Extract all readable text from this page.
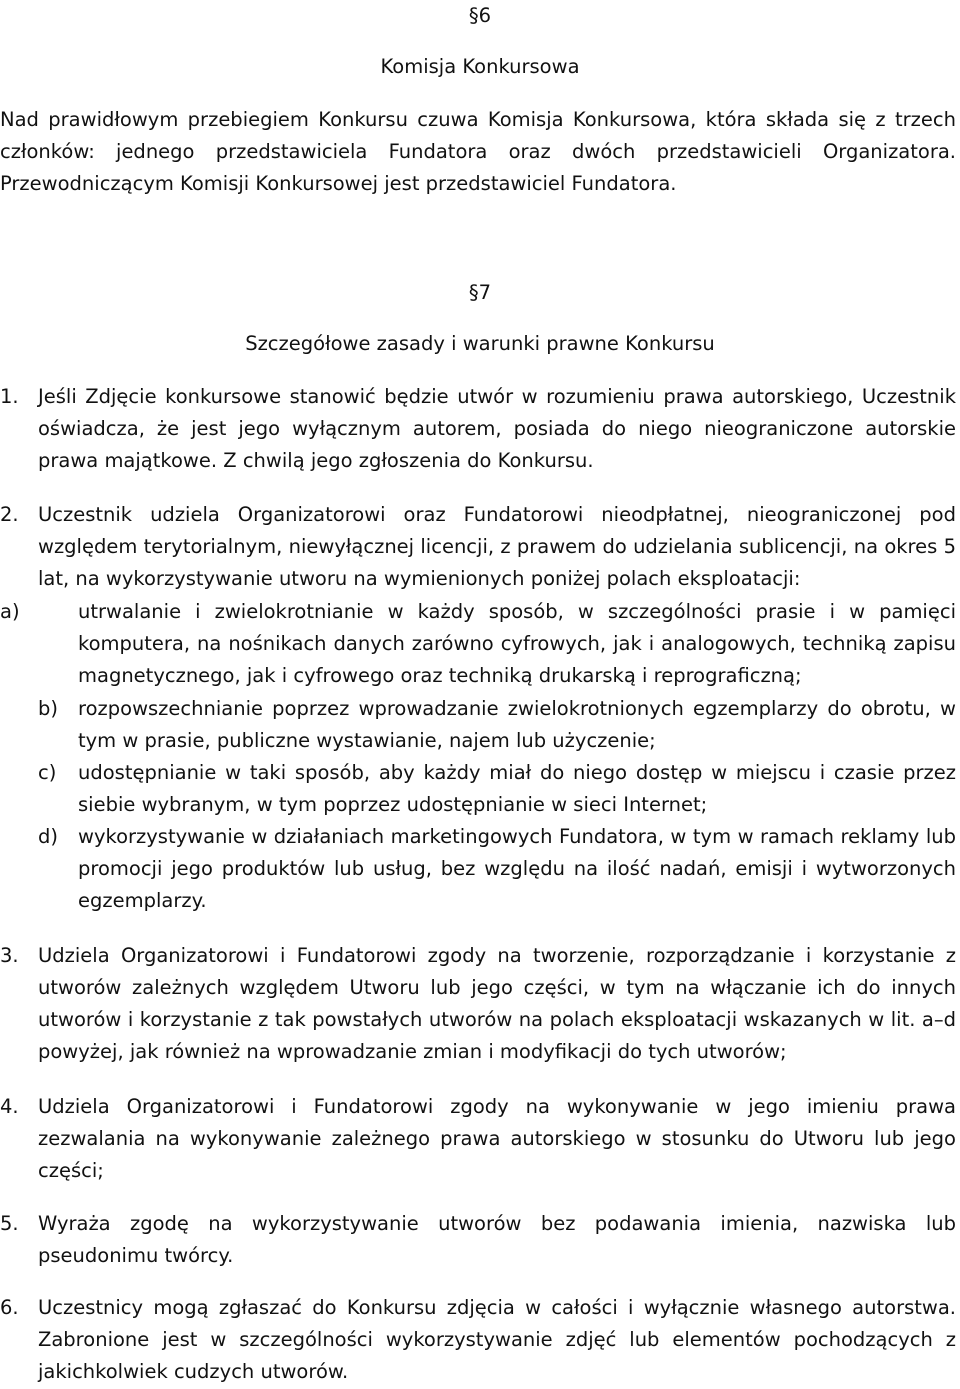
§6
Komisja Konkursowa
Nad prawidłowym przebiegiem Konkursu czuwa Komisja Konkursowa, która składa się z trzech członków: jednego przedstawiciela Fundatora oraz dwóch przedstawicieli Organizatora. Przewodniczącym Komisji Konkursowej jest przedstawiciel Fundatora.
§7
Szczegółowe zasady i warunki prawne Konkursu
1. Jeśli Zdjęcie konkursowe stanowić będzie utwór w rozumieniu prawa autorskiego, Uczestnik oświadcza, że jest jego wyłącznym autorem, posiada do niego nieograniczone autorskie prawa majątkowe. Z chwilą jego zgłoszenia do Konkursu.
2. Uczestnik udziela Organizatorowi oraz Fundatorowi nieodpłatnej, nieograniczonej pod względem terytorialnym, niewyłącznej licencji, z prawem do udzielania sublicencji, na okres 5 lat, na wykorzystywanie utworu na wymienionych poniżej polach eksploatacji:
a)	utrwalanie i zwielokrotnianie w każdy sposób, w szczególności prasie i w pamięci komputera, na nośnikach danych zarówno cyfrowych, jak i analogowych, techniką zapisu magnetycznego, jak i cyfrowego oraz techniką drukarską i reprograficzną;
b) rozpowszechnianie poprzez wprowadzanie zwielokrotnionych egzemplarzy do obrotu, w tym w prasie, publiczne wystawianie, najem lub użyczenie;
c) udostępnianie w taki sposób, aby każdy miał do niego dostęp w miejscu i czasie przez siebie wybranym, w tym poprzez udostępnianie w sieci Internet;
d) wykorzystywanie w działaniach marketingowych Fundatora, w tym w ramach reklamy lub promocji jego produktów lub usług, bez względu na ilość nadań, emisji i wytworzonych egzemplarzy.
3. Udziela Organizatorowi i Fundatorowi zgody na tworzenie, rozporządzanie i korzystanie z utworów zależnych względem Utworu lub jego części, w tym na włączanie ich do innych utworów i korzystanie z tak powstałych utworów na polach eksploatacji wskazanych w lit. a–d powyżej, jak również na wprowadzanie zmian i modyfikacji do tych utworów;
4. Udziela Organizatorowi i Fundatorowi zgody na wykonywanie w jego imieniu prawa zezwalania na wykonywanie zależnego prawa autorskiego w stosunku do Utworu lub jego części;
5. Wyraża zgodę na wykorzystywanie utworów bez podawania imienia, nazwiska lub pseudonimu twórcy.
6. Uczestnicy mogą zgłaszać do Konkursu zdjęcia w całości i wyłącznie własnego autorstwa. Zabronione jest w szczególności wykorzystywanie zdjęć lub elementów pochodzących z jakichkolwiek cudzych utworów.
